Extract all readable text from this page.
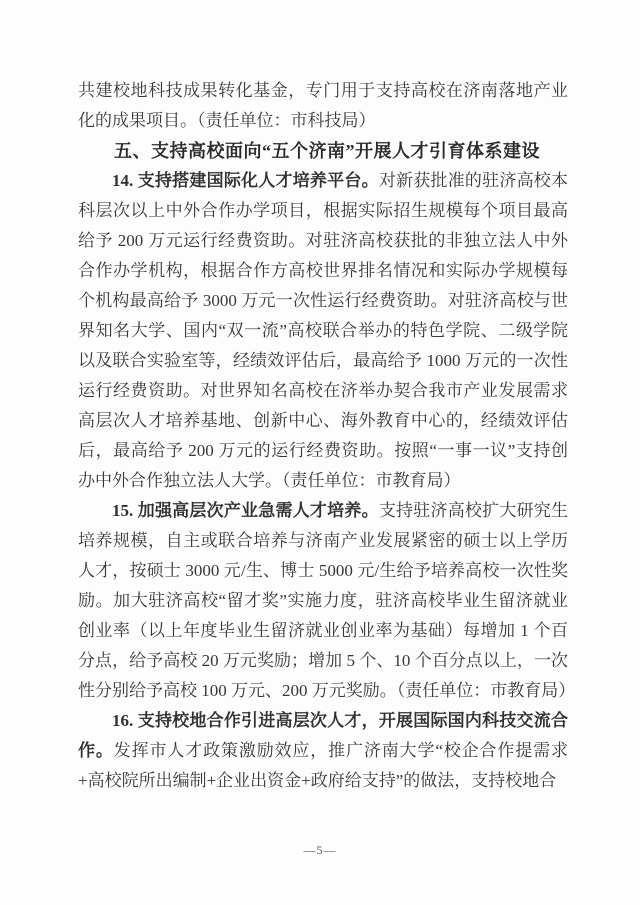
共建校地科技成果转化基金，专门用于支持高校在济南落地产业化的成果项目。（责任单位：市科技局）

五、支持高校面向“五个济南”开展人才引育体系建设

14. 支持搭建国际化人才培养平台。对新获批准的驻济高校本科层次以上中外合作办学项目，根据实际招生规模每个项目最高给予 200 万元运行经费资助。对驻济高校获批的非独立法人中外合作办学机构，根据合作方高校世界排名情况和实际办学规模每个机构最高给予 3000 万元一次性运行经费资助。对驻济高校与世界知名大学、国内“双一流”高校联合举办的特色学院、二级学院以及联合实验室等，经绩效评估后，最高给予 1000 万元的一次性运行经费资助。对世界知名高校在济举办契合我市产业发展需求高层次人才培养基地、创新中心、海外教育中心的，经绩效评估后，最高给予 200 万元的运行经费资助。按照“一事一议”支持创办中外合作独立法人大学。（责任单位：市教育局）

15. 加强高层次产业急需人才培养。支持驻济高校扩大研究生培养规模，自主或联合培养与济南产业发展紧密的硕士以上学历人才，按硕士 3000 元/生、博士 5000 元/生给予培养高校一次性奖励。加大驻济高校“留才奖”实施力度，驻济高校毕业生留济就业创业率（以上年度毕业生留济就业创业率为基础）每增加 1 个百分点，给予高校 20 万元奖励；增加 5 个、10 个百分点以上，一次性分别给予高校 100 万元、200 万元奖励。（责任单位：市教育局）

16. 支持校地合作引进高层次人才，开展国际国内科技交流合作。发挥市人才政策激励效应，推广济南大学“校企合作提需求+高校院所出编制+企业出资金+政府给支持”的做法，支持校地合

—5—
